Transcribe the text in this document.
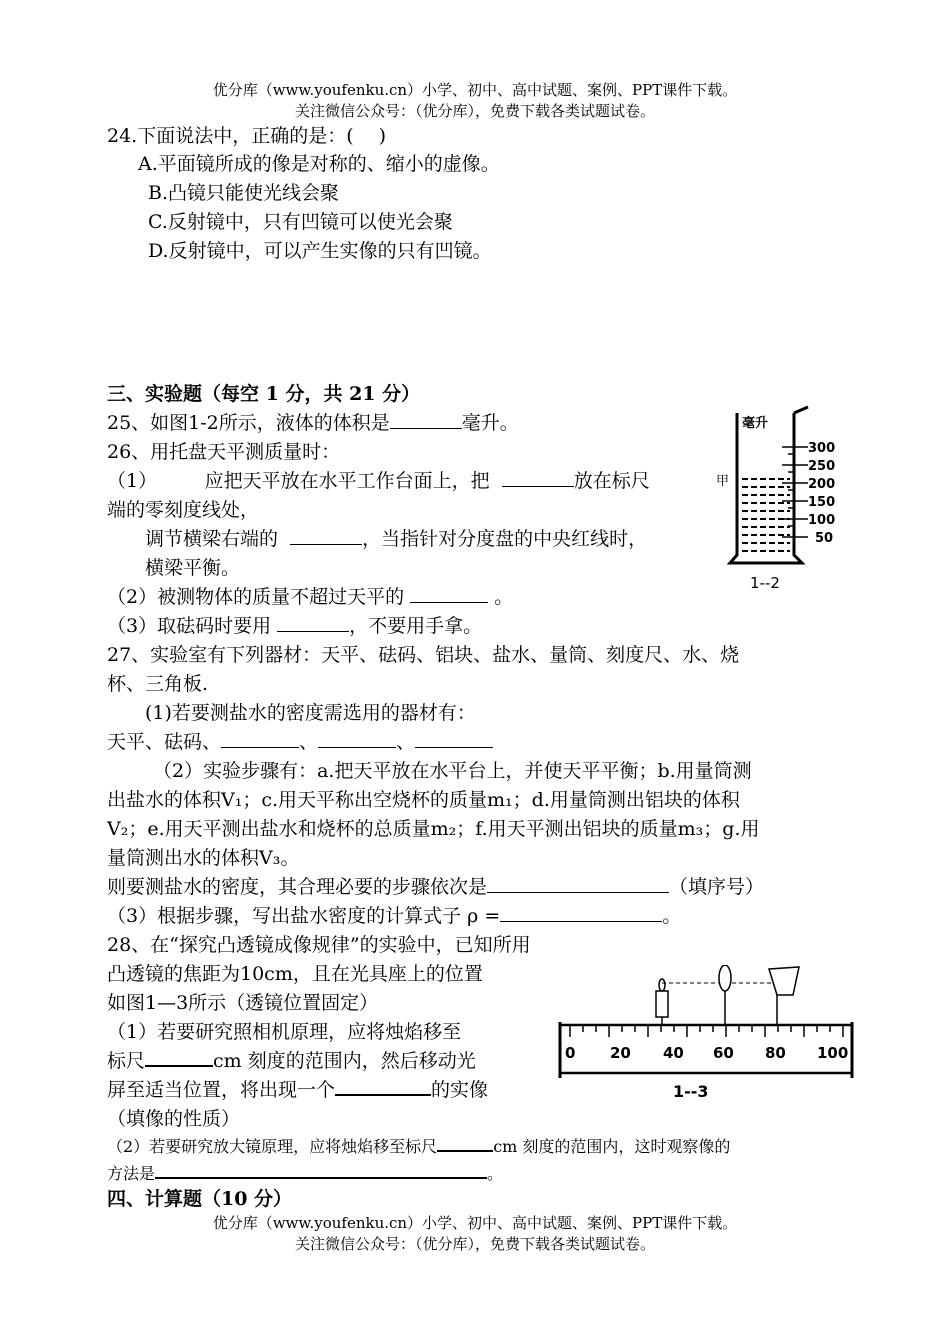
优分库（www.youfenku.cn）小学、初中、高中试题、案例、PPT课件下载。
关注微信公众号：（优分库），免费下载各类试题试卷。
24.下面说法中，正确的是：(　 )
A.平面镜所成的像是对称的、缩小的虚像。
B.凸镜只能使光线会聚
C.反射镜中，只有凹镜可以使光会聚
D.反射镜中，可以产生实像的只有凹镜。
三、实验题（每空 1 分，共 21 分）
25、如图1-2所示，液体的体积是	毫升。
26、用托盘天平测质量时：
（1）　　　应把天平放在水平工作台面上，把	放在标尺
端的零刻度线处，
调节横梁右端的	，当指针对分度盘的中央红线时，
横梁平衡。
（2）被测物体的质量不超过天平的	。
（3）取砝码时要用	，不要用手拿。
毫升
300
250
200
150
100
50
甲
1--2
27、实验室有下列器材：天平、砝码、铝块、盐水、量筒、刻度尺、水、烧
杯、三角板.
(1)若要测盐水的密度需选用的器材有：
天平、砝码、	、	、
（2）实验步骤有：a.把天平放在水平台上，并使天平平衡；b.用量筒测
出盐水的体积V₁；c.用天平称出空烧杯的质量m₁；d.用量筒测出铝块的体积
V₂；e.用天平测出盐水和烧杯的总质量m₂；f.用天平测出铝块的质量m₃；g.用
量筒测出水的体积V₃。
则要测盐水的密度，其合理必要的步骤依次是	（填序号）
（3）根据步骤，写出盐水密度的计算式子 ρ =	。
28、在“探究凸透镜成像规律”的实验中，已知所用
凸透镜的焦距为10cm，且在光具座上的位置
如图1—3所示（透镜位置固定）
（1）若要研究照相机原理，应将烛焰移至
标尺	cm 刻度的范围内，然后移动光
屏至适当位置，将出现一个	的实像
（填像的性质）
（2）若要研究放大镜原理，应将烛焰移至标尺	cm 刻度的范围内，这时观察像的
方法是	。
0 20 40 60 80 100
1--3
四、计算题（10 分）
优分库（www.youfenku.cn）小学、初中、高中试题、案例、PPT课件下载。
关注微信公众号：（优分库），免费下载各类试题试卷。
